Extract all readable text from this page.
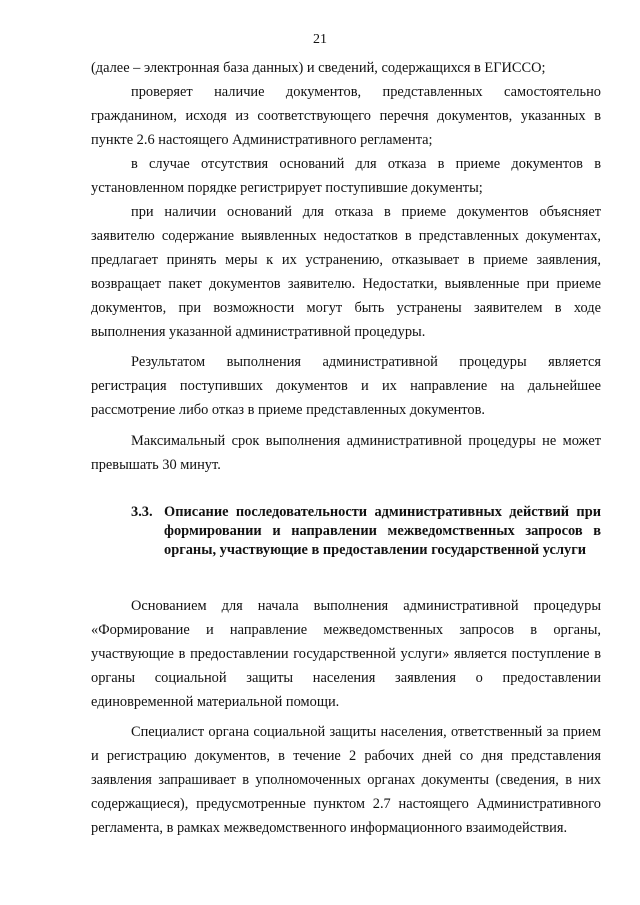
21

(далее – электронная база данных) и сведений, содержащихся в ЕГИССО;

проверяет наличие документов, представленных самостоятельно гражданином, исходя из соответствующего перечня документов, указанных в пункте 2.6 настоящего Административного регламента;

в случае отсутствия оснований для отказа в приеме документов в установленном порядке регистрирует поступившие документы;

при наличии оснований для отказа в приеме документов объясняет заявителю содержание выявленных недостатков в представленных документах, предлагает принять меры к их устранению, отказывает в приеме заявления, возвращает пакет документов заявителю. Недостатки, выявленные при приеме документов, при возможности могут быть устранены заявителем в ходе выполнения указанной административной процедуры.

Результатом выполнения административной процедуры является регистрация поступивших документов и их направление на дальнейшее рассмотрение либо отказ в приеме представленных документов.

Максимальный срок выполнения административной процедуры не может превышать 30 минут.

3.3. Описание последовательности административных действий при формировании и направлении межведомственных запросов в органы, участвующие в предоставлении государственной услуги

Основанием для начала выполнения административной процедуры «Формирование и направление межведомственных запросов в органы, участвующие в предоставлении государственной услуги» является поступление в органы социальной защиты населения заявления о предоставлении единовременной материальной помощи.

Специалист органа социальной защиты населения, ответственный за прием и регистрацию документов, в течение 2 рабочих дней со дня представления заявления запрашивает в уполномоченных органах документы (сведения, в них содержащиеся), предусмотренные пунктом 2.7 настоящего Административного регламента, в рамках межведомственного информационного взаимодействия.
